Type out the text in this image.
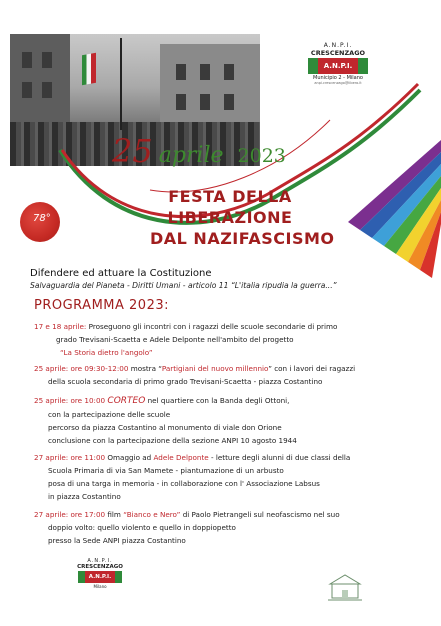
A.N.P.I.
CRESCENZAGO
A.N.P.I.
Municipio 2 - Milano
anpi.crescenzago@libero.it
25 aprile 2023
FESTA DELLA
LIBERAZIONE
DAL NAZIFASCISMO
78°
Difendere ed attuare la Costituzione
Salvaguardia del Pianeta - Diritti Umani - articolo 11 “L'italia ripudia la guerra...”
PROGRAMMA 2023:
17 e 18 aprile: Proseguono gli incontri con i ragazzi delle scuole secondarie di primo
grado Trevisani-Scaetta e Adele Delponte nell'ambito del progetto
“La Storia dietro l'angolo”
25 aprile: ore 09:30-12:00 mostra “Partigiani del nuovo millennio” con i lavori dei ragazzi
della scuola secondaria di primo grado Trevisani-Scaetta - piazza Costantino
25 aprile: ore 10:00 CORTEO nel quartiere con la Banda degli Ottoni,
con la partecipazione delle scuole
percorso da piazza Costantino al monumento di viale don Orione
conclusione con la partecipazione della sezione ANPI 10 agosto 1944
27 aprile: ore 11:00 Omaggio ad Adele Delponte - letture degli alunni di due classi della
Scuola Primaria di via San Mamete - piantumazione di un arbusto
posa di una targa in memoria - in collaborazione con l' Associazione Labsus
in piazza Costantino
27 aprile: ore 17:00 film “Bianco e Nero” di Paolo Pietrangeli sul neofascismo nel suo
doppio volto: quello violento e quello in doppiopetto
presso la Sede ANPI piazza Costantino
A.N.P.I.
CRESCENZAGO
A.N.P.I.
Milano
